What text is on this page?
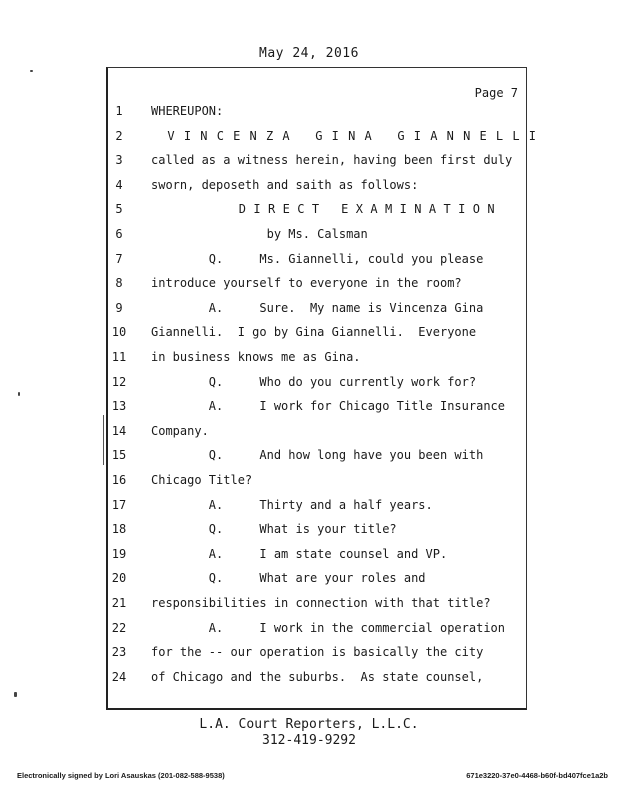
May 24, 2016
Page 7
1	WHEREUPON:
2	VINCENZA GINA GIANNELLI
3	called as a witness herein, having been first duly
4	sworn, deposeth and saith as follows:
5	DIRECT EXAMINATION
6	by Ms. Calsman
7	Q.     Ms. Giannelli, could you please
8	introduce yourself to everyone in the room?
9	A.     Sure.  My name is Vincenza Gina
10	Giannelli.  I go by Gina Giannelli.  Everyone
11	in business knows me as Gina.
12	Q.     Who do you currently work for?
13	A.     I work for Chicago Title Insurance
14	Company.
15	Q.     And how long have you been with
16	Chicago Title?
17	A.     Thirty and a half years.
18	Q.     What is your title?
19	A.     I am state counsel and VP.
20	Q.     What are your roles and
21	responsibilities in connection with that title?
22	A.     I work in the commercial operation
23	for the -- our operation is basically the city
24	of Chicago and the suburbs.  As state counsel,
L.A. Court Reporters, L.L.C.
312-419-9292
Electronically signed by Lori Asauskas (201-082-588-9538)	671e3220-37e0-4468-b60f-bd407fce1a2b
